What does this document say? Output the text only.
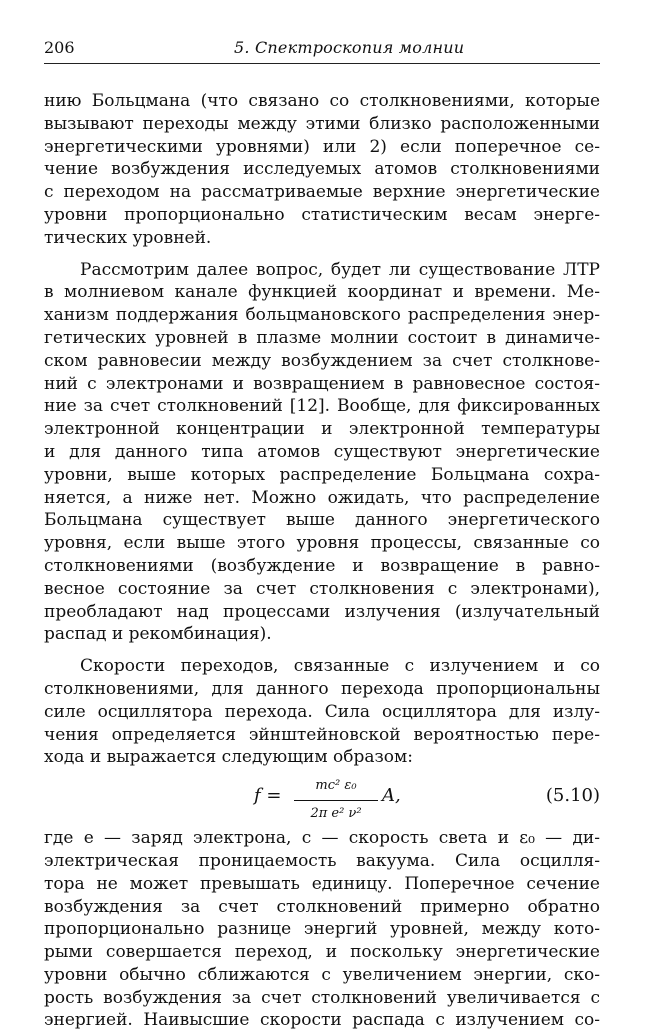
206	5. Спектроскопия молнии
нию Больцмана (что связано со столкновениями, которые
вызывают переходы между этими близко расположенными
энергетическими уровнями) или 2) если поперечное се-
чение возбуждения исследуемых атомов столкновениями
с переходом на рассматриваемые верхние энергетические
уровни пропорционально статистическим весам энерге-
тических уровней.
Рассмотрим далее вопрос, будет ли существование ЛТР
в молниевом канале функцией координат и времени. Ме-
ханизм поддержания больцмановского распределения энер-
гетических уровней в плазме молнии состоит в динамиче-
ском равновесии между возбуждением за счет столкнове-
ний с электронами и возвращением в равновесное состоя-
ние за счет столкновений [12]. Вообще, для фиксированных
электронной концентрации и электронной температуры
и для данного типа атомов существуют энергетические
уровни, выше которых распределение Больцмана сохра-
няется, а ниже нет. Можно ожидать, что распределение
Больцмана существует выше данного энергетического
уровня, если выше этого уровня процессы, связанные со
столкновениями (возбуждение и возвращение в равно-
весное состояние за счет столкновения с электронами),
преобладают над процессами излучения (излучательный
распад и рекомбинация).
Скорости переходов, связанные с излучением и со
столкновениями, для данного перехода пропорциональны
силе осциллятора перехода. Сила осциллятора для излу-
чения определяется эйнштейновской вероятностью пере-
хода и выражается следующим образом:
$f = \frac{\text{mc² ε₀}}{\text{2π e² ν²}} A$,	(5.10)
где e — заряд электрона, c — скорость света и ε₀ — ди-
электрическая проницаемость вакуума. Сила осцилля-
тора не может превышать единицу. Поперечное сечение
возбуждения за счет столкновений примерно обратно
пропорционально разнице энергий уровней, между кото-
рыми совершается переход, и поскольку энергетические
уровни обычно сближаются с увеличением энергии, ско-
рость возбуждения за счет столкновений увеличивается с
энергией. Наивысшие скорости распада с излучением со-
